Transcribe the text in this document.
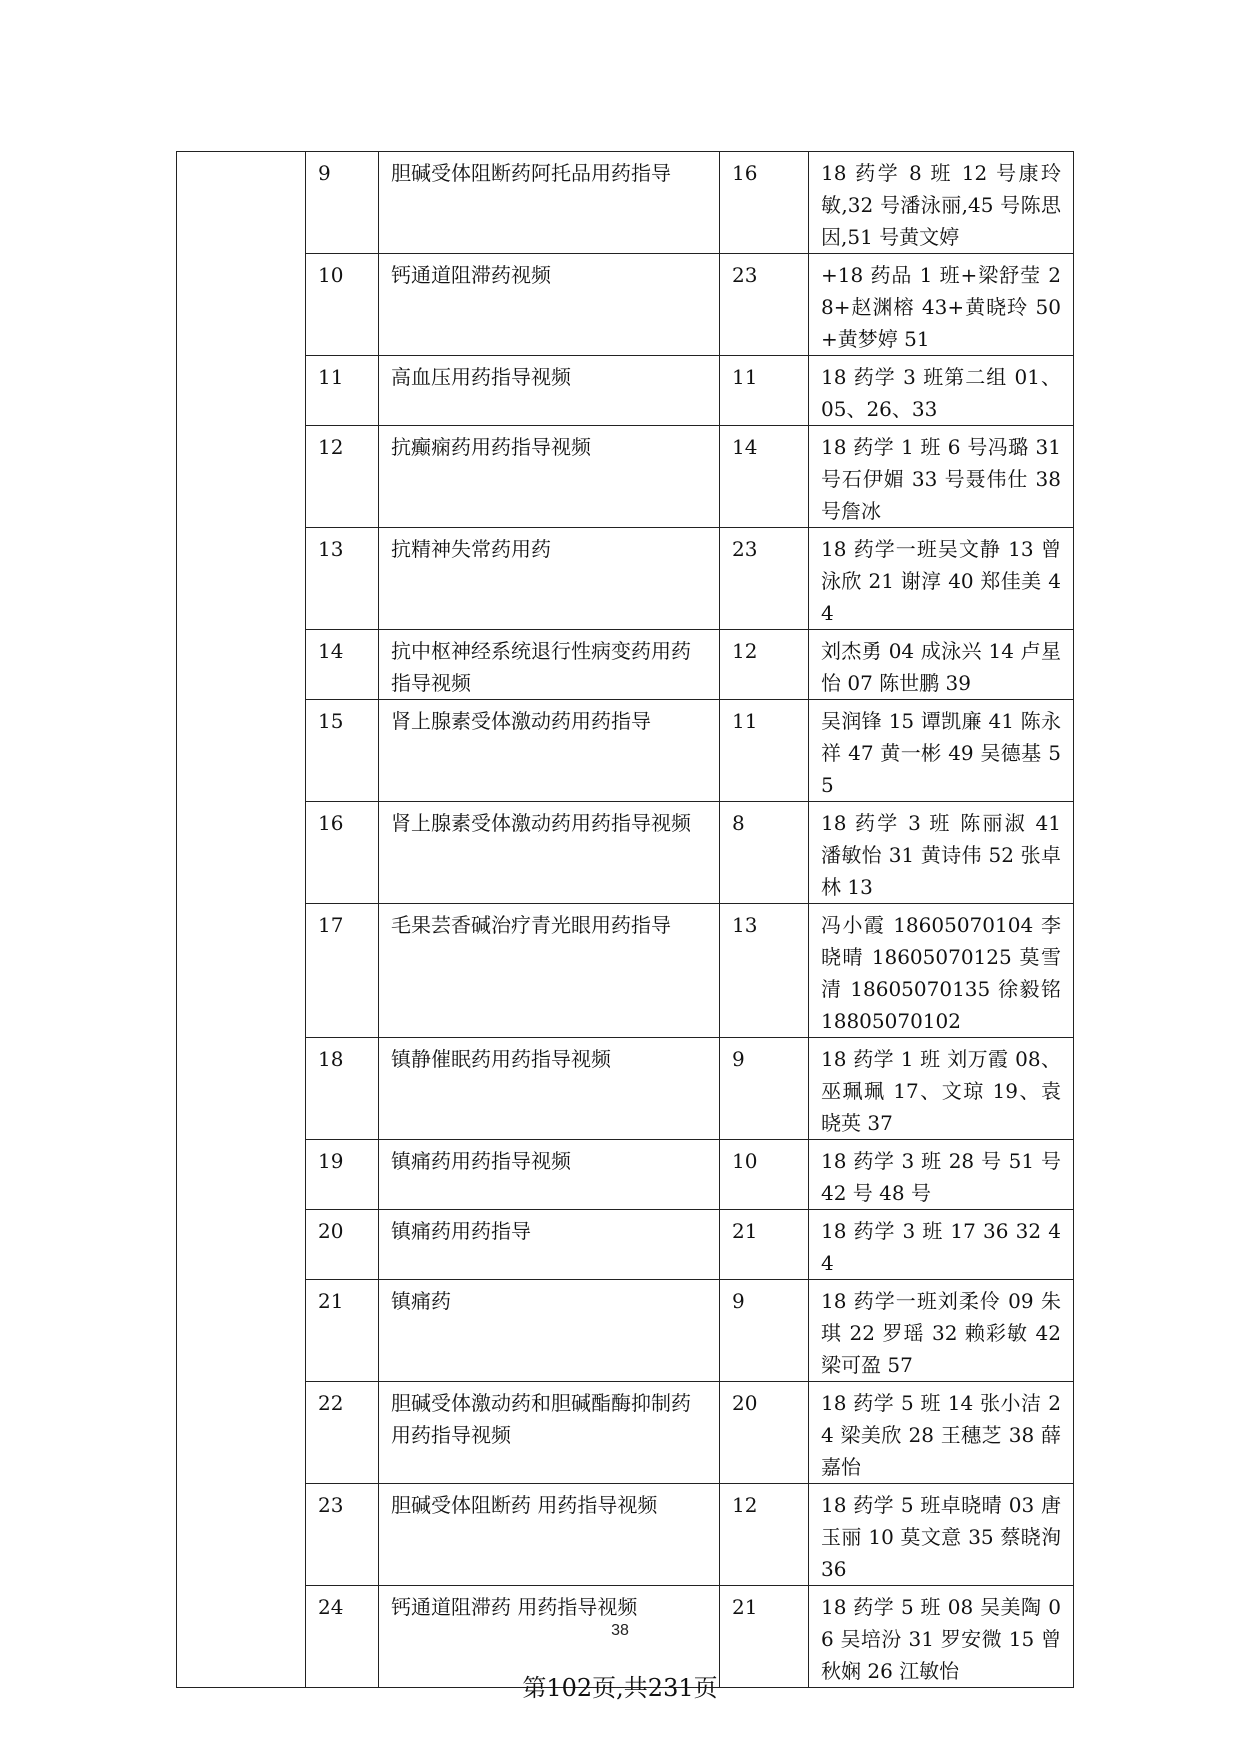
	9	胆碱受体阻断药阿托品用药指导	16	18 药学 8 班 12 号康玲敏,32 号潘泳丽,45 号陈思因,51 号黄文婷
	10	钙通道阻滞药视频	23	+18 药品 1 班+梁舒莹 28+赵渊榕 43+黄晓玲 50+黄梦婷 51
	11	高血压用药指导视频	11	18 药学 3 班第二组 01、05、26、33
	12	抗癫痫药用药指导视频	14	18 药学 1 班 6 号冯璐 31 号石伊媚 33 号聂伟仕 38 号詹冰
	13	抗精神失常药用药	23	18 药学一班吴文静 13 曾泳欣 21 谢淳 40 郑佳美 44
	14	抗中枢神经系统退行性病变药用药指导视频	12	刘杰勇 04 成泳兴 14 卢星怡 07 陈世鹏 39
	15	肾上腺素受体激动药用药指导	11	吴润锋 15 谭凯廉 41 陈永祥 47 黄一彬 49 吴德基 55
	16	肾上腺素受体激动药用药指导视频	8	18 药学 3 班 陈丽淑 41 潘敏怡 31 黄诗伟 52 张卓林 13
	17	毛果芸香碱治疗青光眼用药指导	13	冯小霞 18605070104 李晓晴 18605070125 莫雪清 18605070135 徐毅铭 18805070102
	18	镇静催眠药用药指导视频	9	18 药学 1 班 刘万霞 08、巫珮珮 17、文琼 19、袁晓英 37
	19	镇痛药用药指导视频	10	18 药学 3 班 28 号 51 号 42 号 48 号
	20	镇痛药用药指导	21	18 药学 3 班 17 36 32 44
	21	镇痛药	9	18 药学一班刘柔伶 09 朱琪 22 罗瑶 32 赖彩敏 42 梁可盈 57
	22	胆碱受体激动药和胆碱酯酶抑制药 用药指导视频	20	18 药学 5 班 14 张小洁 24 梁美欣 28 王穗芝 38 薛嘉怡
	23	胆碱受体阻断药 用药指导视频	12	18 药学 5 班卓晓晴 03 唐玉丽 10 莫文意 35 蔡晓洵 36
	24	钙通道阻滞药 用药指导视频	21	18 药学 5 班 08 吴美陶 06 吴培汾 31 罗安微 15 曾秋娴 26 江敏怡
38
第102页,共231页
